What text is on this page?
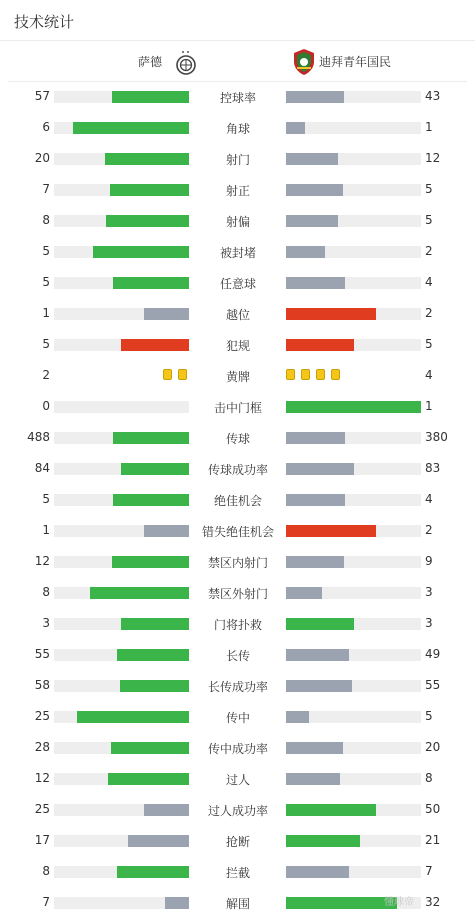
技术统计
萨德	迪拜青年国民
57	控球率	43
6	角球	1
20	射门	12
7	射正	5
8	射偏	5
5	被封堵	2
5	任意球	4
1	越位	2
5	犯规	5
2	黄牌	4
0	击中门框	1
488	传球	380
84	传球成功率	83
5	绝佳机会	4
1	错失绝佳机会	2
12	禁区内射门	9
8	禁区外射门	3
3	门将扑救	3
55	长传	49
58	长传成功率	55
25	传中	5
28	传中成功率	20
12	过人	8
25	过人成功率	50
17	抢断	21
8	拦截	7
7	解围	32
懂球帝
